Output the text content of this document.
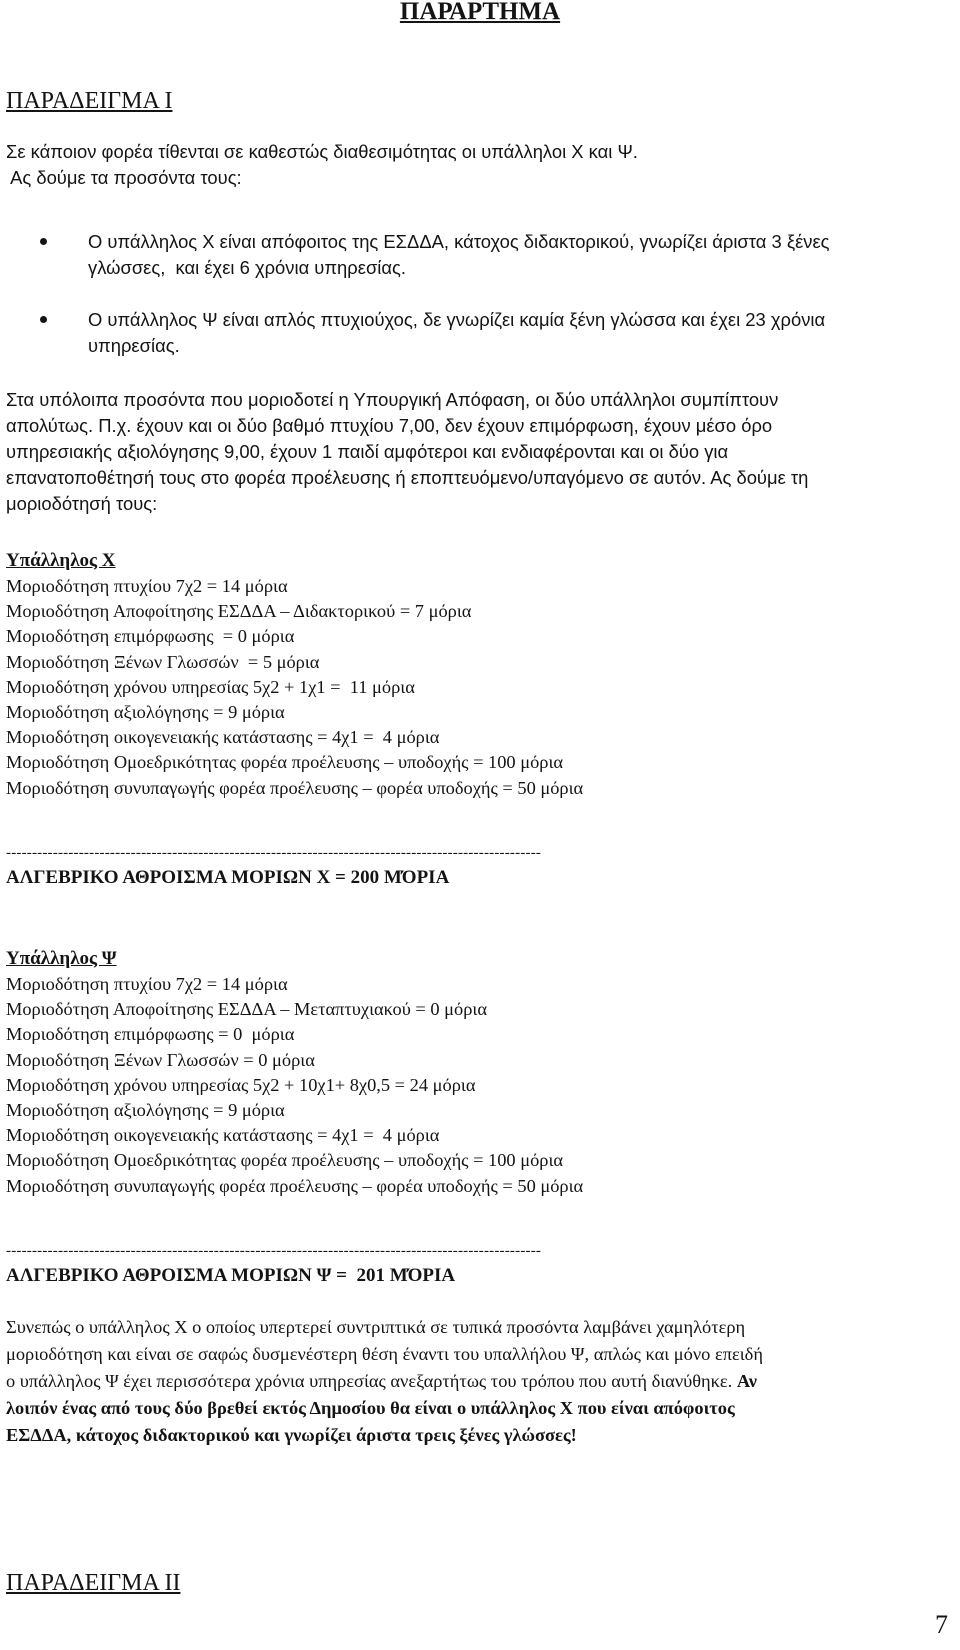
ΠΑΡΑΡΤΗΜΑ
ΠΑΡΑΔΕΙΓΜΑ Ι
Σε κάποιον φορέα τίθενται σε καθεστώς διαθεσιμότητας οι υπάλληλοι Χ και Ψ.
Ας δούμε τα προσόντα τους:
Ο υπάλληλος Χ είναι απόφοιτος της ΕΣΔΔΑ, κάτοχος διδακτορικού, γνωρίζει άριστα 3 ξένες
γλώσσες,  και έχει 6 χρόνια υπηρεσίας.
Ο υπάλληλος Ψ είναι απλός πτυχιούχος, δε γνωρίζει καμία ξένη γλώσσα και έχει 23 χρόνια
υπηρεσίας.
Στα υπόλοιπα προσόντα που μοριοδοτεί η Υπουργική Απόφαση, οι δύο υπάλληλοι συμπίπτουν
απολύτως. Π.χ. έχουν και οι δύο βαθμό πτυχίου 7,00, δεν έχουν επιμόρφωση, έχουν μέσο όρο
υπηρεσιακής αξιολόγησης 9,00, έχουν 1 παιδί αμφότεροι και ενδιαφέρονται και οι δύο για
επανατοποθέτησή τους στο φορέα προέλευσης ή εποπτευόμενο/υπαγόμενο σε αυτόν. Ας δούμε τη
μοριοδότησή τους:
Υπάλληλος Χ
Μοριοδότηση πτυχίου 7χ2 = 14 μόρια
Μοριοδότηση Αποφοίτησης ΕΣΔΔΑ – Διδακτορικού = 7 μόρια
Μοριοδότηση επιμόρφωσης  = 0 μόρια
Μοριοδότηση Ξένων Γλωσσών  = 5 μόρια
Μοριοδότηση χρόνου υπηρεσίας 5χ2 + 1χ1 =  11 μόρια
Μοριοδότηση αξιολόγησης = 9 μόρια
Μοριοδότηση οικογενειακής κατάστασης = 4χ1 =  4 μόρια
Μοριοδότηση Ομοεδρικότητας φορέα προέλευσης – υποδοχής = 100 μόρια
Μοριοδότηση συνυπαγωγής φορέα προέλευσης – φορέα υποδοχής = 50 μόρια
-------------------------------------------------------------------------------------------------------
ΑΛΓΕΒΡΙΚΟ ΑΘΡΟΙΣΜΑ ΜΟΡΙΩΝ Χ = 200 ΜΌΡΙΑ
Υπάλληλος Ψ
Μοριοδότηση πτυχίου 7χ2 = 14 μόρια
Μοριοδότηση Αποφοίτησης ΕΣΔΔΑ – Μεταπτυχιακού = 0 μόρια
Μοριοδότηση επιμόρφωσης = 0  μόρια
Μοριοδότηση Ξένων Γλωσσών = 0 μόρια
Μοριοδότηση χρόνου υπηρεσίας 5χ2 + 10χ1+ 8χ0,5 = 24 μόρια
Μοριοδότηση αξιολόγησης = 9 μόρια
Μοριοδότηση οικογενειακής κατάστασης = 4χ1 =  4 μόρια
Μοριοδότηση Ομοεδρικότητας φορέα προέλευσης – υποδοχής = 100 μόρια
Μοριοδότηση συνυπαγωγής φορέα προέλευσης – φορέα υποδοχής = 50 μόρια
-------------------------------------------------------------------------------------------------------
ΑΛΓΕΒΡΙΚΟ ΑΘΡΟΙΣΜΑ ΜΟΡΙΩΝ Ψ =  201 ΜΌΡΙΑ
Συνεπώς ο υπάλληλος Χ ο οποίος υπερτερεί συντριπτικά σε τυπικά προσόντα λαμβάνει χαμηλότερη
μοριοδότηση και είναι σε σαφώς δυσμενέστερη θέση έναντι του υπαλλήλου Ψ, απλώς και μόνο επειδή
ο υπάλληλος Ψ έχει περισσότερα χρόνια υπηρεσίας ανεξαρτήτως του τρόπου που αυτή διανύθηκε. Αν
λοιπόν ένας από τους δύο βρεθεί εκτός Δημοσίου θα είναι ο υπάλληλος Χ που είναι απόφοιτος
ΕΣΔΔΑ, κάτοχος διδακτορικού και γνωρίζει άριστα τρεις ξένες γλώσσες!
ΠΑΡΑΔΕΙΓΜΑ ΙΙ
7
